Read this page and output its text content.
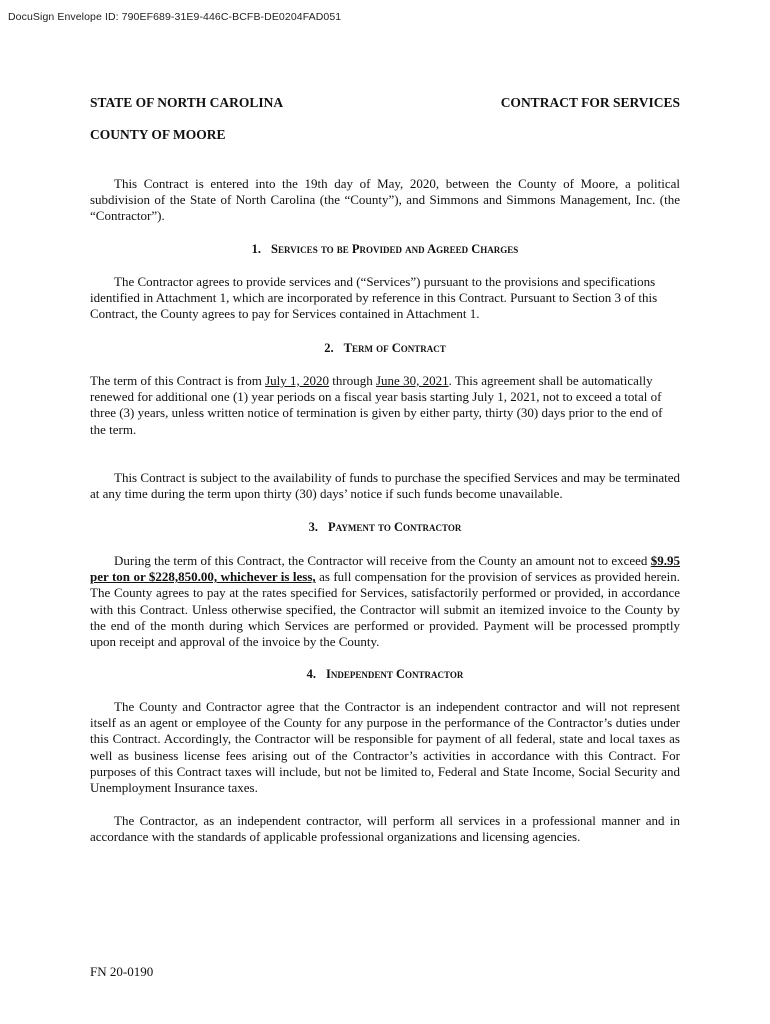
DocuSign Envelope ID: 790EF689-31E9-446C-BCFB-DE0204FAD051
STATE OF NORTH CAROLINA	CONTRACT FOR SERVICES
COUNTY OF MOORE

This Contract is entered into the 19th day of May, 2020, between the County of Moore, a political subdivision of the State of North Carolina (the “County”), and Simmons and Simmons Management, Inc. (the “Contractor”).

1. Services to be Provided and Agreed Charges

The Contractor agrees to provide services and (“Services”) pursuant to the provisions and specifications identified in Attachment 1, which are incorporated by reference in this Contract. Pursuant to Section 3 of this Contract, the County agrees to pay for Services contained in Attachment 1.

2. Term of Contract

The term of this Contract is from July 1, 2020 through June 30, 2021. This agreement shall be automatically renewed for additional one (1) year periods on a fiscal year basis starting July 1, 2021, not to exceed a total of three (3) years, unless written notice of termination is given by either party, thirty (30) days prior to the end of the term.

This Contract is subject to the availability of funds to purchase the specified Services and may be terminated at any time during the term upon thirty (30) days’ notice if such funds become unavailable.

3. Payment to Contractor

During the term of this Contract, the Contractor will receive from the County an amount not to exceed $9.95 per ton or $228,850.00, whichever is less, as full compensation for the provision of services as provided herein. The County agrees to pay at the rates specified for Services, satisfactorily performed or provided, in accordance with this Contract. Unless otherwise specified, the Contractor will submit an itemized invoice to the County by the end of the month during which Services are performed or provided. Payment will be processed promptly upon receipt and approval of the invoice by the County.

4. Independent Contractor

The County and Contractor agree that the Contractor is an independent contractor and will not represent itself as an agent or employee of the County for any purpose in the performance of the Contractor’s duties under this Contract. Accordingly, the Contractor will be responsible for payment of all federal, state and local taxes as well as business license fees arising out of the Contractor’s activities in accordance with this Contract. For purposes of this Contract taxes will include, but not be limited to, Federal and State Income, Social Security and Unemployment Insurance taxes.

The Contractor, as an independent contractor, will perform all services in a professional manner and in accordance with the standards of applicable professional organizations and licensing agencies.

FN 20-0190
